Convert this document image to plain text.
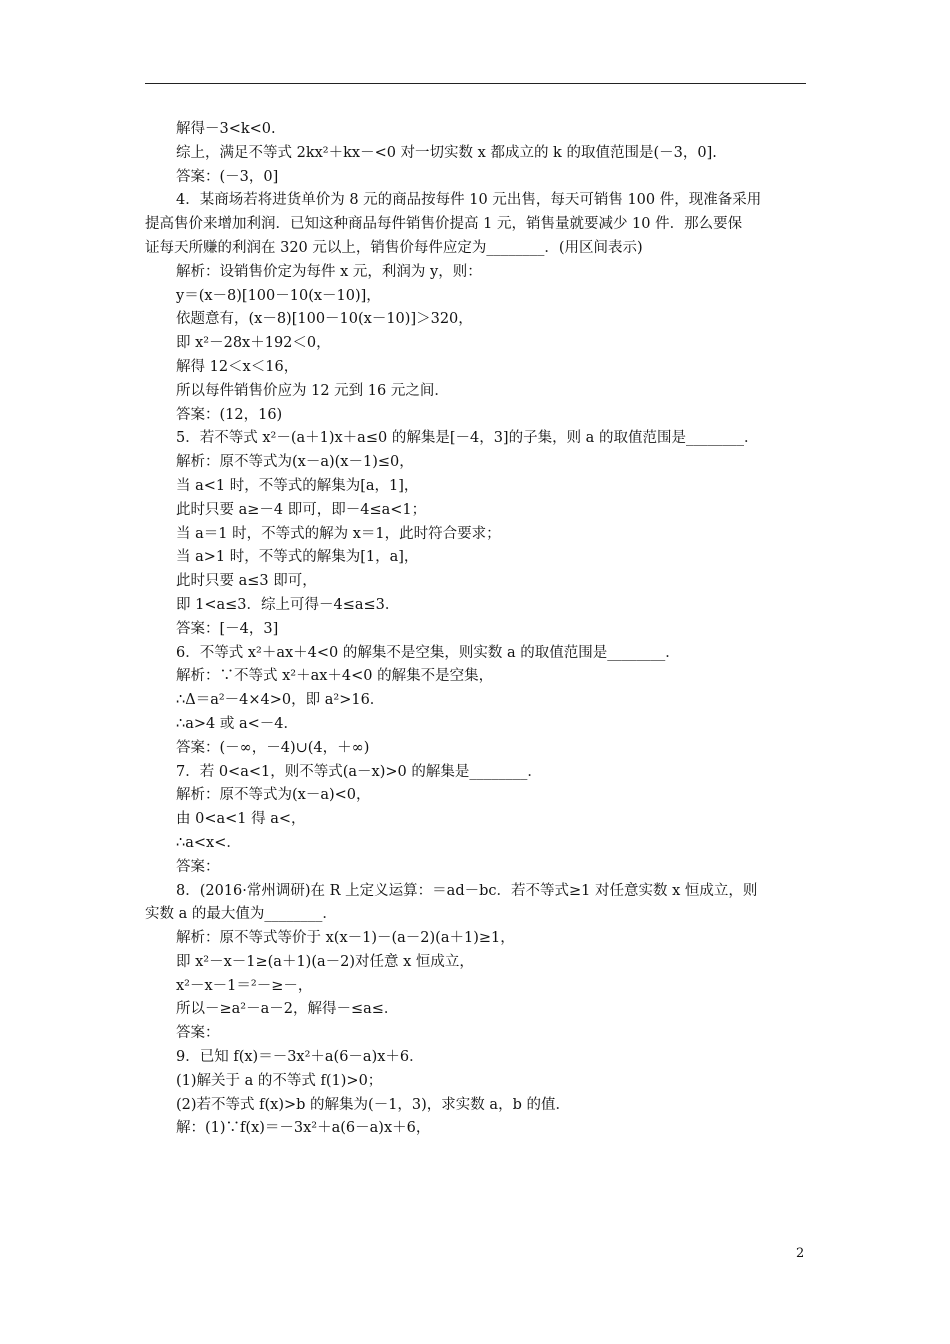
解得－3<k<0.
综上，满足不等式 2kx²＋kx－<0 对一切实数 x 都成立的 k 的取值范围是(－3，0].
答案：(－3，0]
4．某商场若将进货单价为 8 元的商品按每件 10 元出售，每天可销售 100 件，现准备采用
提高售价来增加利润．已知这种商品每件销售价提高 1 元，销售量就要减少 10 件．那么要保
证每天所赚的利润在 320 元以上，销售价每件应定为________．(用区间表示)
解析：设销售价定为每件 x 元，利润为 y，则：
y＝(x－8)[100－10(x－10)]，
依题意有，(x－8)[100－10(x－10)]＞320，
即 x²－28x＋192＜0，
解得 12＜x＜16，
所以每件销售价应为 12 元到 16 元之间．
答案：(12，16)
5．若不等式 x²－(a＋1)x＋a≤0 的解集是[－4，3]的子集，则 a 的取值范围是________．
解析：原不等式为(x－a)(x－1)≤0，
当 a<1 时，不等式的解集为[a，1]，
此时只要 a≥－4 即可，即－4≤a<1；
当 a＝1 时，不等式的解为 x＝1，此时符合要求；
当 a>1 时，不等式的解集为[1，a]，
此时只要 a≤3 即可，
即 1<a≤3．综上可得－4≤a≤3．
答案：[－4，3]
6．不等式 x²＋ax＋4<0 的解集不是空集，则实数 a 的取值范围是________．
解析：∵不等式 x²＋ax＋4<0 的解集不是空集，
∴Δ＝a²－4×4>0，即 a²>16．
∴a>4 或 a<－4．
答案：(－∞，－4)∪(4，＋∞)
7．若 0<a<1，则不等式(a－x)>0 的解集是________．
解析：原不等式为(x－a)<0，
由 0<a<1 得 a<，
∴a<x<．
答案：
8．(2016·常州调研)在 R 上定义运算：＝ad－bc．若不等式≥1 对任意实数 x 恒成立，则
实数 a 的最大值为________．
解析：原不等式等价于 x(x－1)－(a－2)(a＋1)≥1，
即 x²－x－1≥(a＋1)(a－2)对任意 x 恒成立，
x²－x－1＝²－≥－，
所以－≥a²－a－2，解得－≤a≤．
答案：
9．已知 f(x)＝－3x²＋a(6－a)x＋6．
(1)解关于 a 的不等式 f(1)>0；
(2)若不等式 f(x)>b 的解集为(－1，3)，求实数 a，b 的值．
解：(1)∵f(x)＝－3x²＋a(6－a)x＋6，
2
